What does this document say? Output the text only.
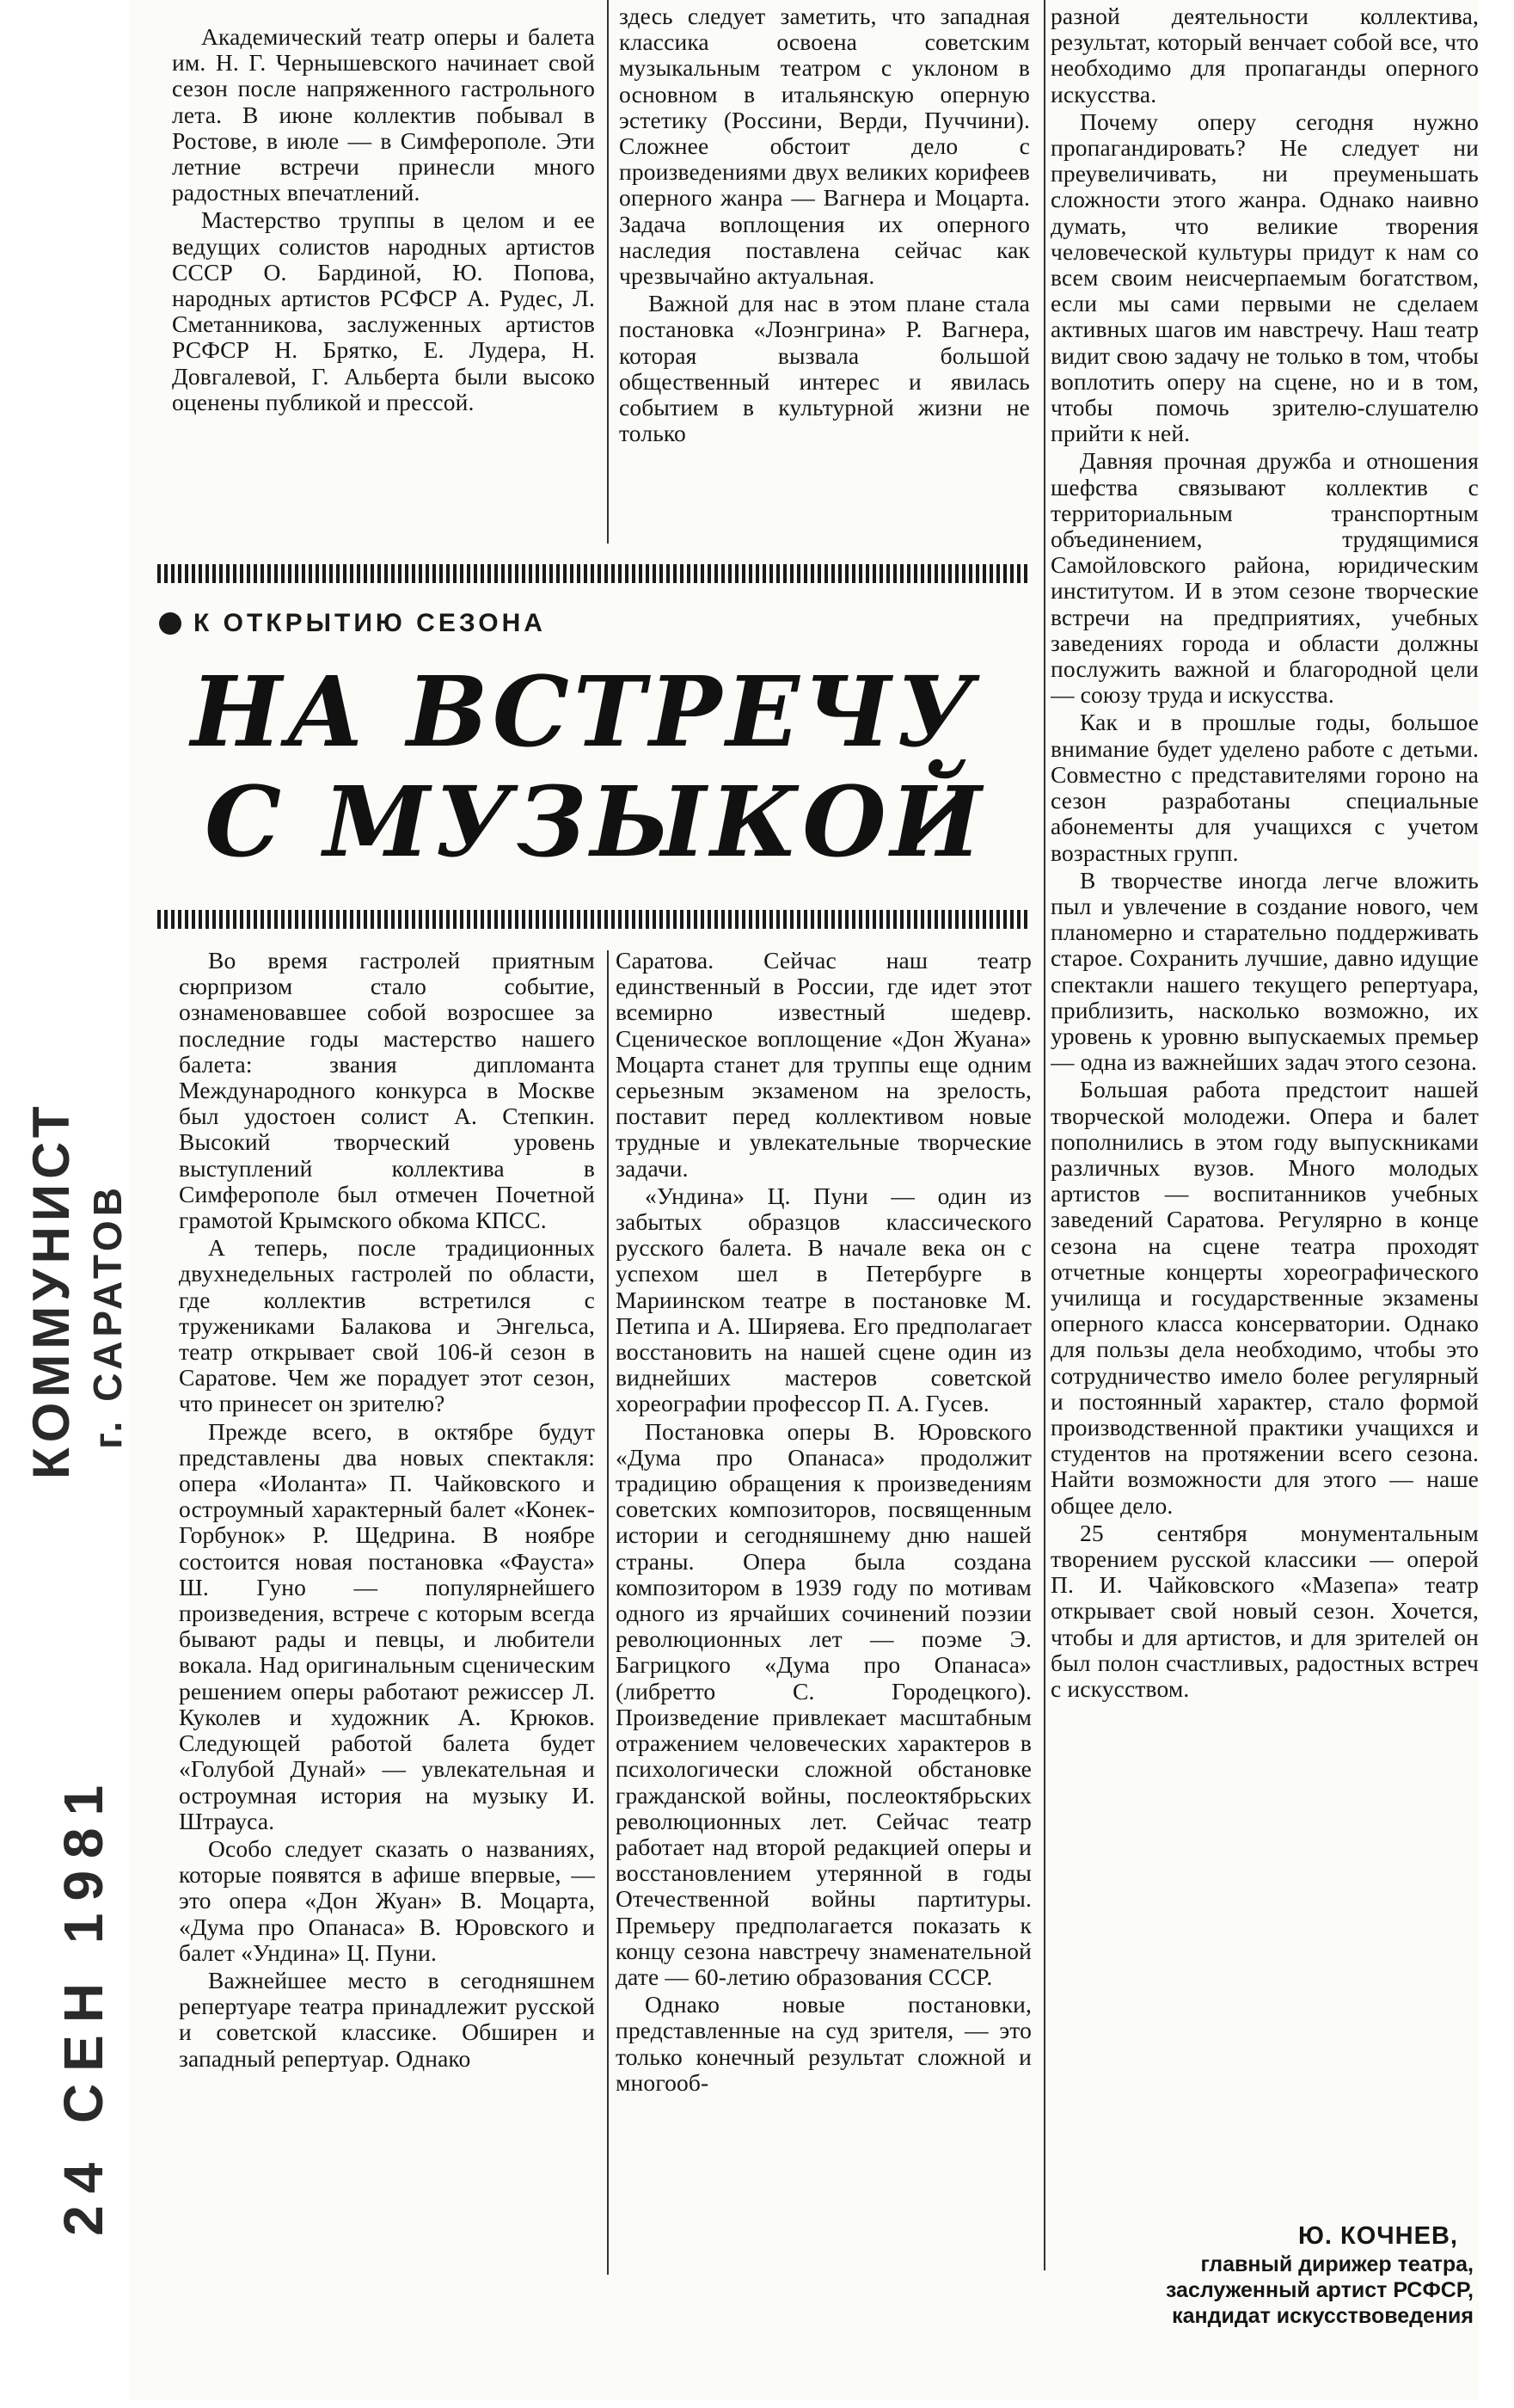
Академический театр оперы и балета им. Н. Г. Чернышевского начинает свой сезон после напряженного гастрольного лета. В июне коллектив побывал в Ростове, в июле — в Симферополе. Эти летние встречи принесли много радостных впечатлений.

Мастерство труппы в целом и ее ведущих солистов народных артистов СССР О. Бардиной, Ю. Попова, народных артистов РСФСР А. Рудес, Л. Сметанникова, заслуженных артистов РСФСР Н. Брятко, Е. Лудера, Н. Довгалевой, Г. Альберта были высоко оценены публикой и прессой.

здесь следует заметить, что западная классика освоена советским музыкальным театром с уклоном в основном в итальянскую оперную эстетику (Россини, Верди, Пуччини). Сложнее обстоит дело с произведениями двух великих корифеев оперного жанра — Вагнера и Моцарта. Задача воплощения их оперного наследия поставлена сейчас как чрезвычайно актуальная.

Важной для нас в этом плане стала постановка «Лоэнгрина» Р. Вагнера, которая вызвала большой общественный интерес и явилась событием в культурной жизни не только

К ОТКРЫТИЮ СЕЗОНА
НА ВСТРЕЧУ
С МУЗЫКОЙ

разной деятельности коллектива, результат, который венчает собой все, что необходимо для пропаганды оперного искусства.

Почему оперу сегодня нужно пропагандировать? Не следует ни преувеличивать, ни преуменьшать сложности этого жанра. Однако наивно думать, что великие творения человеческой культуры придут к нам со всем своим неисчерпаемым богатством, если мы сами первыми не сделаем активных шагов им навстречу. Наш театр видит свою задачу не только в том, чтобы воплотить оперу на сцене, но и в том, чтобы помочь зрителю-слушателю прийти к ней.

Давняя прочная дружба и отношения шефства связывают коллектив с территориальным транспортным объединением, трудящимися Самойловского района, юридическим институтом. И в этом сезоне творческие встречи на предприятиях, учебных заведениях города и области должны послужить важной и благородной цели — союзу труда и искусства.

Как и в прошлые годы, большое внимание будет уделено работе с детьми. Совместно с представителями гороно на сезон разработаны специальные абонементы для учащихся с учетом возрастных групп.

В творчестве иногда легче вложить пыл и увлечение в создание нового, чем планомерно и старательно поддерживать старое. Сохранить лучшие, давно идущие спектакли нашего текущего репертуара, приблизить, насколько возможно, их уровень к уровню выпускаемых премьер — одна из важнейших задач этого сезона.

Большая работа предстоит нашей творческой молодежи. Опера и балет пополнились в этом году выпускниками различных вузов. Много молодых артистов — воспитанников учебных заведений Саратова. Регулярно в конце сезона на сцене театра проходят отчетные концерты хореографического училища и государственные экзамены оперного класса консерватории. Однако для пользы дела необходимо, чтобы это сотрудничество имело более регулярный и постоянный характер, стало формой производственной практики учащихся и студентов на протяжении всего сезона. Найти возможности для этого — наше общее дело.

25 сентября монументальным творением русской классики — оперой П. И. Чайковского «Мазепа» театр открывает свой новый сезон. Хочется, чтобы и для артистов, и для зрителей он был полон счастливых, радостных встреч с искусством.

Во время гастролей приятным сюрпризом стало событие, ознаменовавшее собой возросшее за последние годы мастерство нашего балета: звания дипломанта Международного конкурса в Москве был удостоен солист А. Степкин. Высокий творческий уровень выступлений коллектива в Симферополе был отмечен Почетной грамотой Крымского обкома КПСС.

А теперь, после традиционных двухнедельных гастролей по области, где коллектив встретился с тружениками Балакова и Энгельса, театр открывает свой 106-й сезон в Саратове. Чем же порадует этот сезон, что принесет он зрителю?

Прежде всего, в октябре будут представлены два новых спектакля: опера «Иоланта» П. Чайковского и остроумный характерный балет «Конек-Горбунок» Р. Щедрина. В ноябре состоится новая постановка «Фауста» Ш. Гуно — популярнейшего произведения, встрече с которым всегда бывают рады и певцы, и любители вокала. Над оригинальным сценическим решением оперы работают режиссер Л. Куколев и художник А. Крюков. Следующей работой балета будет «Голубой Дунай» — увлекательная и остроумная история на музыку И. Штрауса.

Особо следует сказать о названиях, которые появятся в афише впервые, — это опера «Дон Жуан» В. Моцарта, «Дума про Опанаса» В. Юровского и балет «Ундина» Ц. Пуни.

Важнейшее место в сегодняшнем репертуаре театра принадлежит русской и советской классике. Обширен и западный репертуар. Однако

Саратова. Сейчас наш театр единственный в России, где идет этот всемирно известный шедевр. Сценическое воплощение «Дон Жуана» Моцарта станет для труппы еще одним серьезным экзаменом на зрелость, поставит перед коллективом новые трудные и увлекательные творческие задачи.

«Ундина» Ц. Пуни — один из забытых образцов классического русского балета. В начале века он с успехом шел в Петербурге в Мариинском театре в постановке М. Петипа и А. Ширяева. Его предполагает восстановить на нашей сцене один из виднейших мастеров советской хореографии профессор П. А. Гусев.

Постановка оперы В. Юровского «Дума про Опанаса» продолжит традицию обращения к произведениям советских композиторов, посвященным истории и сегодняшнему дню нашей страны. Опера была создана композитором в 1939 году по мотивам одного из ярчайших сочинений поэзии революционных лет — поэме Э. Багрицкого «Дума про Опанаса» (либретто С. Городецкого). Произведение привлекает масштабным отражением человеческих характеров в психологически сложной обстановке гражданской войны, послеоктябрьских революционных лет. Сейчас театр работает над второй редакцией оперы и восстановлением утерянной в годы Отечественной войны партитуры. Премьеру предполагается показать к концу сезона навстречу знаменательной дате — 60-летию образования СССР.

Однако новые постановки, представленные на суд зрителя, — это только конечный результат сложной и многооб-

Ю. КОЧНЕВ,
главный дирижер театра, заслуженный артист РСФСР, кандидат искусствоведения
КОММУНИСТ г. САРАТОВ
24 СЕН 1981
